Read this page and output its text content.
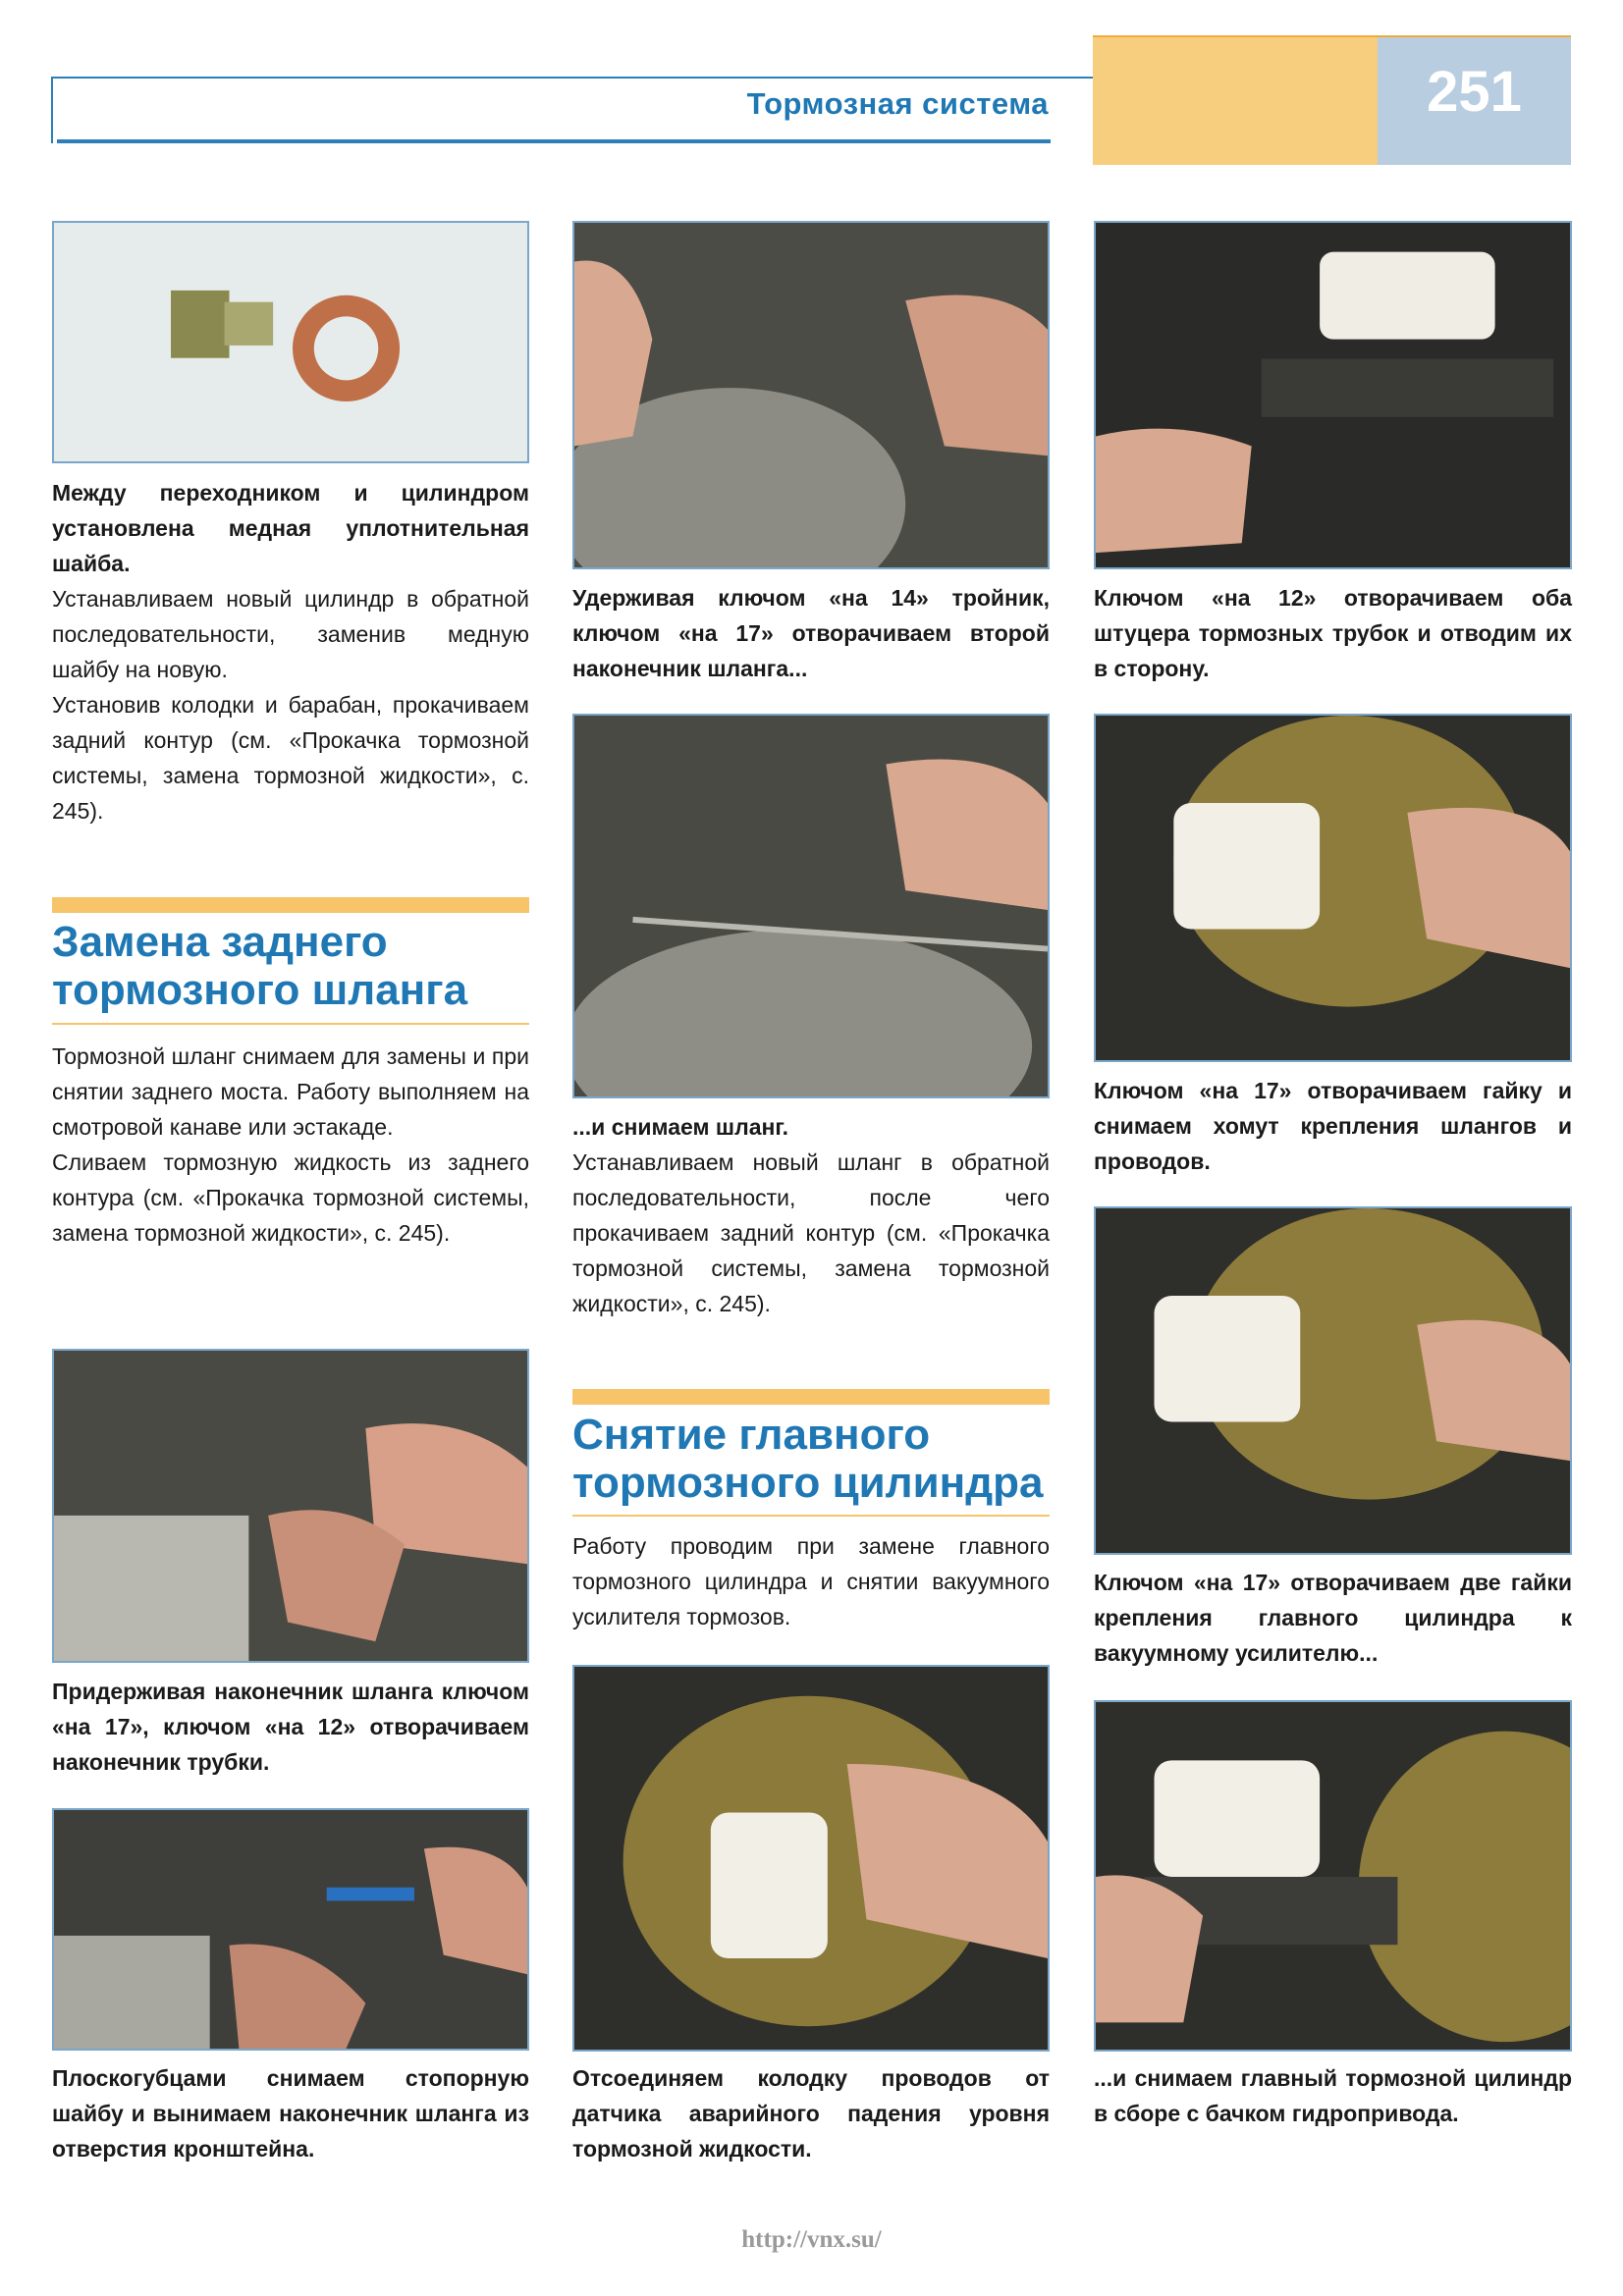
Тормозная система	251

Между переходником и цилиндром установлена медная уплотнительная шайба.

Устанавливаем новый цилиндр в обратной последовательности, заменив медную шайбу на новую.

Установив колодки и барабан, прокачиваем задний контур (см. «Прокачка тормозной системы, замена тормозной жидкости», с. 245).

Замена заднего
тормозного шланга

Тормозной шланг снимаем для замены и при снятии заднего моста. Работу выполняем на смотровой канаве или эстакаде.

Сливаем тормозную жидкость из заднего контура (см. «Прокачка тормозной системы, замена тормозной жидкости», с. 245).

Придерживая наконечник шланга ключом «на 17», ключом «на 12» отворачиваем наконечник трубки.
Плоскогубцами снимаем стопорную шайбу и вынимаем наконечник шланга из отверстия кронштейна.
Удерживая ключом «на 14» тройник, ключом «на 17» отворачиваем второй наконечник шланга...

...и снимаем шланг.

Устанавливаем новый шланг в обратной последовательности, после чего прокачиваем задний контур (см. «Прокачка тормозной системы, замена тормозной жидкости», с. 245).

Снятие главного
тормозного цилиндра
Работу проводим при замене главного тормозного цилиндра и снятии вакуумного усилителя тормозов.
Отсоединяем колодку проводов от датчика аварийного падения уровня тормозной жидкости.
Ключом «на 12» отворачиваем оба штуцера тормозных трубок и отводим их в сторону.
Ключом «на 17» отворачиваем гайку и снимаем хомут крепления шлангов и проводов.
Ключом «на 17» отворачиваем две гайки крепления главного цилиндра к вакуумному усилителю...
...и снимаем главный тормозной цилиндр в сборе с бачком гидропривода.
http://vnx.su/
